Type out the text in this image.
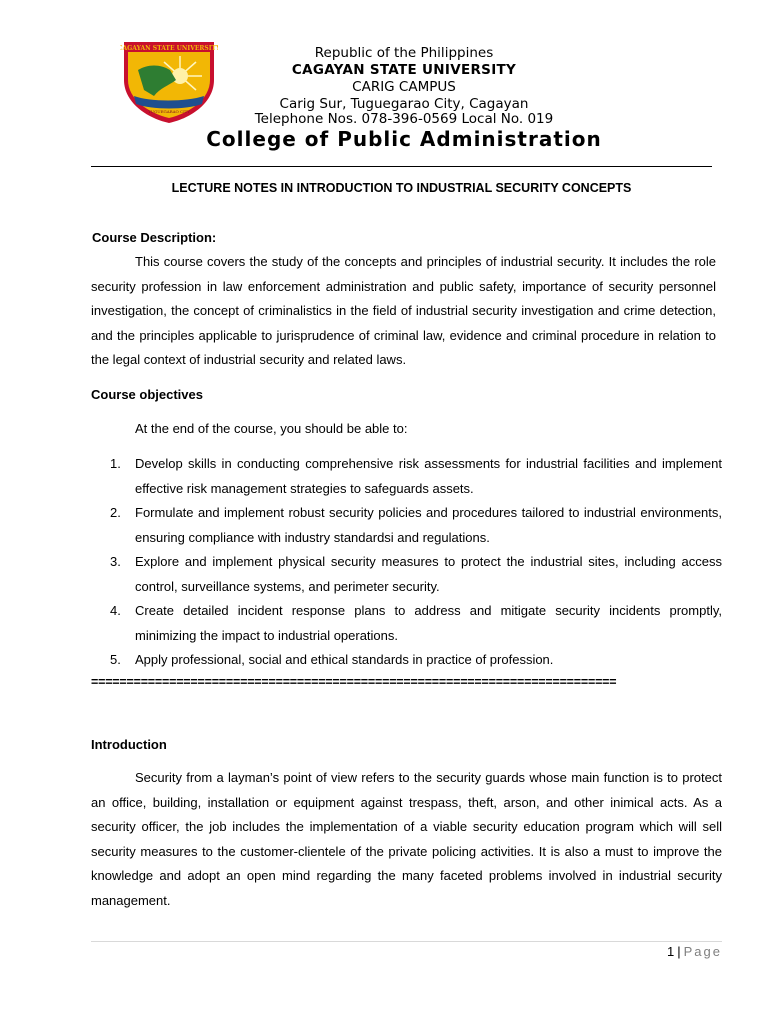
CAGAYAN STATE UNIVERSITY
TUGUEGARAO CITY
Republic of the Philippines
CAGAYAN STATE UNIVERSITY
CARIG CAMPUS
Carig Sur, Tuguegarao City, Cagayan
Telephone Nos. 078-396-0569 Local No. 019
College of Public Administration
LECTURE NOTES IN INTRODUCTION TO INDUSTRIAL SECURITY CONCEPTS
Course Description:

This course covers the study of the concepts and principles of industrial security. It includes the role security profession in law enforcement administration and public safety, importance of security personnel investigation, the concept of criminalistics in the field of industrial security investigation and crime detection, and the principles applicable to jurisprudence of criminal law, evidence and criminal procedure in relation to the legal context of industrial security and related laws.

Course objectives
At the end of the course, you should be able to:
1. Develop skills in conducting comprehensive risk assessments for industrial facilities and implement effective risk management strategies to safeguards assets.
2. Formulate and implement robust security policies and procedures tailored to industrial environments, ensuring compliance with industry standardsi and regulations.
3. Explore and implement physical security measures to protect the industrial sites, including access control, surveillance systems, and perimeter security.
4. Create detailed incident response plans to address and mitigate security incidents promptly, minimizing the impact to industrial operations.
5. Apply professional, social and ethical standards in practice of profession.
==========================================================================
Introduction

Security from a layman’s point of view refers to the security guards whose main function is to protect an office, building, installation or equipment against trespass, theft, arson, and other inimical acts. As a security officer, the job includes the implementation of a viable security education program which will sell security measures to the customer-clientele of the private policing activities. It is also a must to improve the knowledge and adopt an open mind regarding the many faceted problems involved in industrial security management.

1 | Page
